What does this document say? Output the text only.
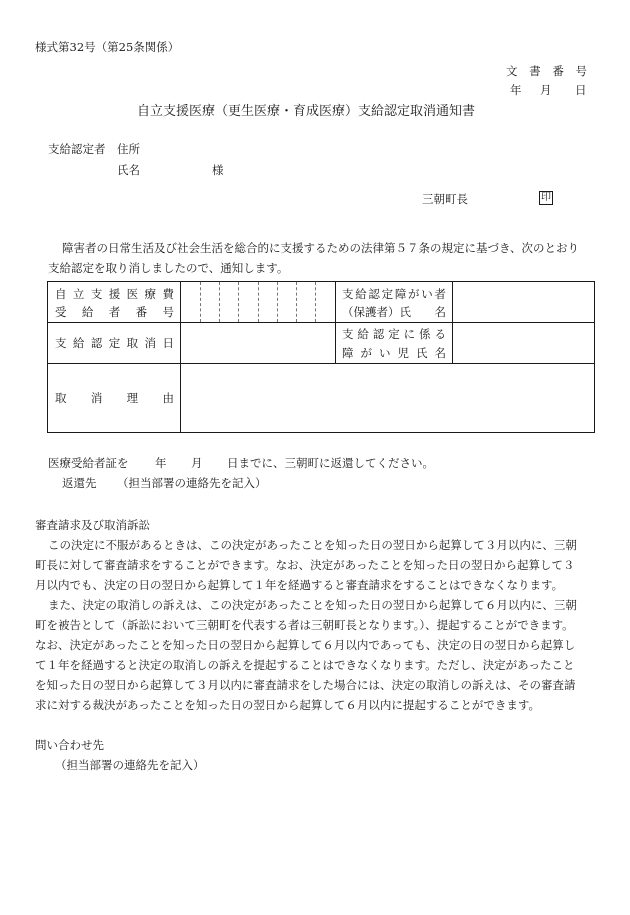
様式第32号（第25条関係）
文 書 番 号
年 月 日
自立支援医療（更生医療・育成医療）支給認定取消通知書
支給認定者 住所
氏名	様
三朝町長	印
障害者の日常生活及び社会生活を総合的に支援するための法律第５７条の規定に基づき、次のとおり
支給認定を取り消しましたので、通知します。
自 立 支 援 医 療 費
受 給 者 番 号
支 給 認 定 障 が い 者
（保護者）氏 名
支 給 認 定 取 消 日
支 給 認 定 に 係 る
障 が い 児 氏 名
取 消 理 由
医療受給者証を 年 月 日までに、三朝町に返還してください。
返還先 （担当部署の連絡先を記入）
審査請求及び取消訴訟
この決定に不服があるときは、この決定があったことを知った日の翌日から起算して３月以内に、三朝
町長に対して審査請求をすることができます。なお、決定があったことを知った日の翌日から起算して３
月以内でも、決定の日の翌日から起算して１年を経過すると審査請求をすることはできなくなります。
また、決定の取消しの訴えは、この決定があったことを知った日の翌日から起算して６月以内に、三朝
町を被告として（訴訟において三朝町を代表する者は三朝町長となります。）、提起することができます。
なお、決定があったことを知った日の翌日から起算して６月以内であっても、決定の日の翌日から起算し
て１年を経過すると決定の取消しの訴えを提起することはできなくなります。ただし、決定があったこと
を知った日の翌日から起算して３月以内に審査請求をした場合には、決定の取消しの訴えは、その審査請
求に対する裁決があったことを知った日の翌日から起算して６月以内に提起することができます。
問い合わせ先
（担当部署の連絡先を記入）
